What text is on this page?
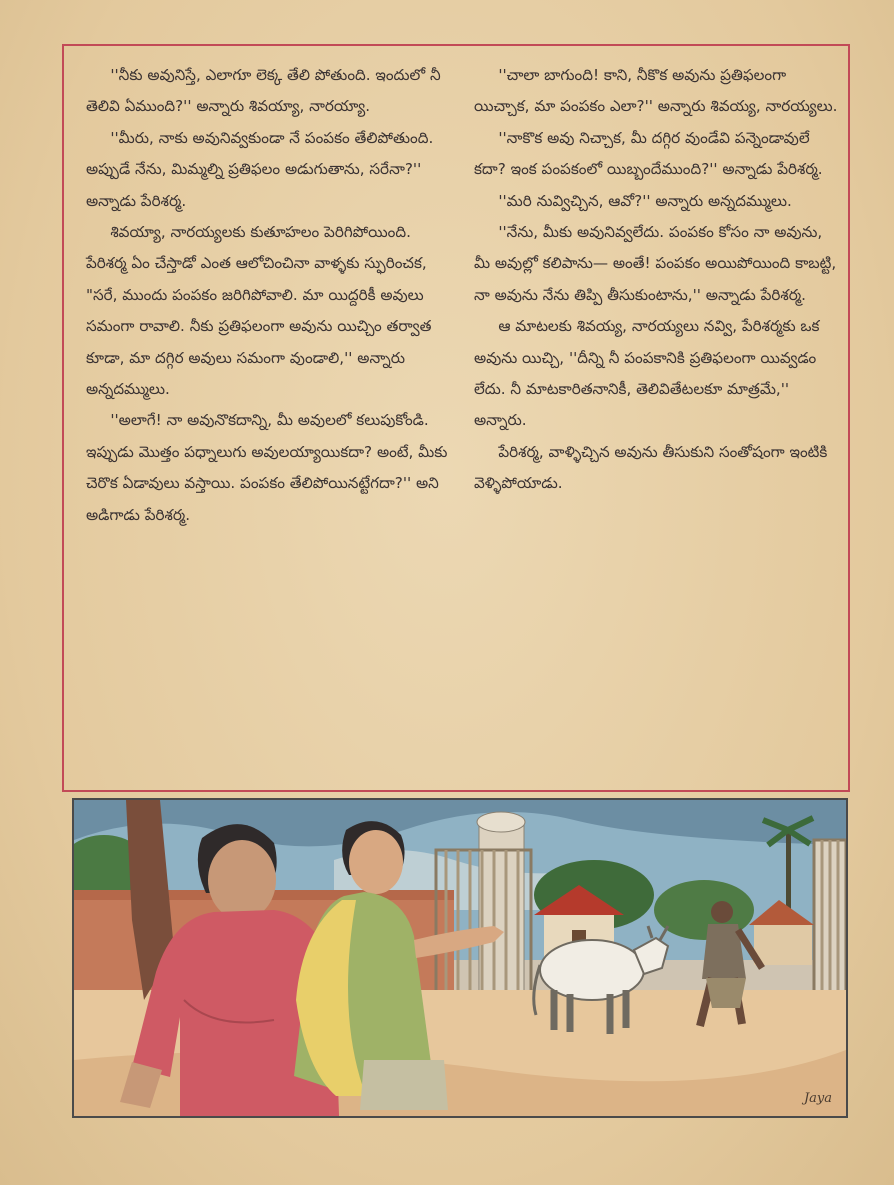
''నీకు అవునిస్తే, ఎలాగూ లెక్క తేలి పోతుంది. ఇందులో నీ తెలివి ఏముంది?'' అన్నారు శివయ్యా, నారయ్యా.

''మీరు, నాకు అవునివ్వకుండా నే పంపకం తేలిపోతుంది. అప్పుడే నేను, మిమ్మల్ని ప్రతిఫలం అడుగుతాను, సరేనా?'' అన్నాడు పేరిశర్మ.

శివయ్యా, నారయ్యలకు కుతూహలం పెరిగిపోయింది. పేరిశర్మ ఏం చేస్తాడో ఎంత ఆలోచించినా వాళ్ళకు స్ఫురించక, "సరే, ముందు పంపకం జరిగిపోవాలి. మా యిద్దరికీ అవులు సమంగా రావాలి. నీకు ప్రతిఫలంగా అవును యిచ్చిం తర్వాత కూడా, మా దగ్గిర అవులు సమంగా వుండాలి,'' అన్నారు అన్నదమ్ములు.

''అలాగే! నా అవునొకదాన్ని, మీ అవులలో కలుపుకోండి. ఇప్పుడు మొత్తం పధ్నాలుగు అవులయ్యాయికదా? అంటే, మీకు చెరొక ఏడావులు వస్తాయి. పంపకం తేలిపోయినట్టేగదా?'' అని అడిగాడు పేరిశర్మ.

''చాలా బాగుంది! కాని, నీకొక అవును ప్రతిఫలంగా యిచ్చాక, మా పంపకం ఎలా?'' అన్నారు శివయ్య, నారయ్యలు.

''నాకొక అవు నిచ్చాక, మీ దగ్గిర వుండేవి పన్నెండావులే కదా? ఇంక పంపకంలో యిబ్బందేముంది?'' అన్నాడు పేరిశర్మ.

''మరి నువ్విచ్చిన, ఆవో?'' అన్నారు అన్నదమ్ములు.

''నేను, మీకు అవునివ్వలేదు. పంపకం కోసం నా అవును, మీ అవుల్లో కలిపాను— అంతే! పంపకం అయిపోయింది కాబట్టి, నా అవును నేను తిప్పి తీసుకుంటాను,'' అన్నాడు పేరిశర్మ.

ఆ మాటలకు శివయ్య, నారయ్యలు నవ్వి, పేరిశర్మకు ఒక అవును యిచ్చి, ''దీన్ని నీ పంపకానికి ప్రతిఫలంగా యివ్వడం లేదు. నీ మాటకారితనానికీ, తెలివితేటలకూ మాత్రమే,'' అన్నారు.

పేరిశర్మ, వాళ్ళిచ్చిన అవును తీసుకుని సంతోషంగా ఇంటికి వెళ్ళిపోయాడు.

Jaya
